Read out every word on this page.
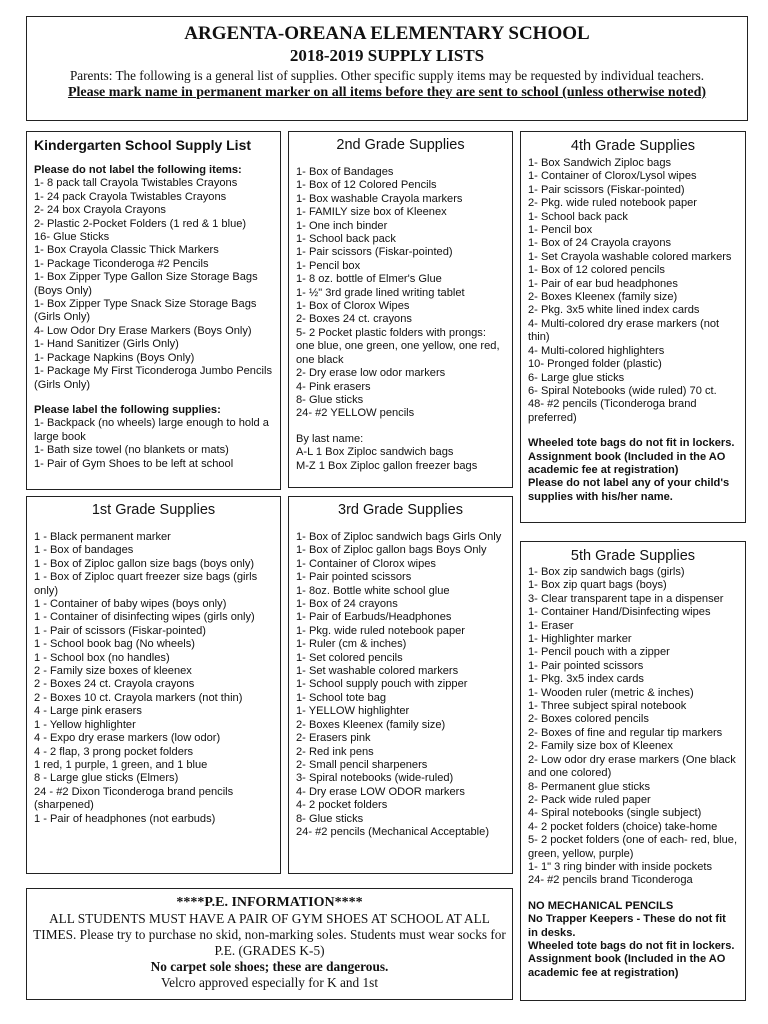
ARGENTA-OREANA ELEMENTARY SCHOOL
2018-2019 SUPPLY LISTS
Parents: The following is a general list of supplies. Other specific supply items may be requested by individual teachers.
Please mark name in permanent marker on all items before they are sent to school (unless otherwise noted)
Kindergarten School Supply List
Please do not label the following items:
1- 8 pack tall Crayola Twistables Crayons
1- 24 pack Crayola Twistables Crayons
2- 24 box Crayola Crayons
2- Plastic 2-Pocket Folders (1 red & 1 blue)
16- Glue Sticks
1- Box Crayola Classic Thick Markers
1- Package Ticonderoga #2 Pencils
1- Box Zipper Type Gallon Size Storage Bags (Boys Only)
1- Box Zipper Type Snack Size Storage Bags (Girls Only)
4- Low Odor Dry Erase Markers (Boys Only)
1- Hand Sanitizer (Girls Only)
1- Package Napkins (Boys Only)
1- Package My First Ticonderoga Jumbo Pencils (Girls Only)
Please label the following supplies:
1- Backpack (no wheels) large enough to hold a large book
1- Bath size towel (no blankets or mats)
1- Pair of Gym Shoes to be left at school
1st Grade Supplies
1 - Black permanent marker
1 - Box of bandages
1 - Box of Ziploc gallon size bags (boys only)
1 - Box of Ziploc quart freezer size bags (girls only)
1 - Container of baby wipes (boys only)
1 - Container of disinfecting wipes (girls only)
1 - Pair of scissors (Fiskar-pointed)
1 - School book bag (No wheels)
1 - School box (no handles)
2 - Family size boxes of kleenex
2 - Boxes 24 ct. Crayola crayons
2 - Boxes 10 ct. Crayola markers (not thin)
4 - Large pink erasers
1 - Yellow highlighter
4 - Expo dry erase markers (low odor)
4 - 2 flap, 3 prong pocket folders
1 red, 1 purple, 1 green, and 1 blue
8 - Large glue sticks (Elmers)
24 - #2 Dixon Ticonderoga brand pencils (sharpened)
1 - Pair of headphones (not earbuds)
2nd Grade Supplies
1- Box of Bandages
1- Box of 12 Colored Pencils
1- Box washable Crayola markers
1- FAMILY size box of Kleenex
1- One inch binder
1- School back pack
1- Pair scissors (Fiskar-pointed)
1- Pencil box
1- 8 oz. bottle of Elmer's Glue
1- ½" 3rd grade lined writing tablet
1- Box of Clorox Wipes
2- Boxes 24 ct. crayons
5- 2 Pocket plastic folders with prongs: one blue, one green, one yellow, one red, one black
2- Dry erase low odor markers
4- Pink erasers
8- Glue sticks
24- #2 YELLOW pencils
By last name:
A-L 1 Box Ziploc sandwich bags
M-Z 1 Box Ziploc gallon freezer bags
3rd Grade Supplies
1- Box of Ziploc sandwich bags Girls Only
1- Box of Ziploc gallon bags Boys Only
1- Container of Clorox wipes
1- Pair pointed scissors
1- 8oz. Bottle white school glue
1- Box of 24 crayons
1- Pair of Earbuds/Headphones
1- Pkg. wide ruled notebook paper
1- Ruler (cm & inches)
1- Set colored pencils
1- Set washable colored markers
1- School supply pouch with zipper
1- School tote bag
1- YELLOW highlighter
2- Boxes Kleenex (family size)
2- Erasers pink
2- Red ink pens
2- Small pencil sharpeners
3- Spiral notebooks (wide-ruled)
4- Dry erase LOW ODOR markers
4- 2 pocket folders
8- Glue sticks
24- #2 pencils (Mechanical Acceptable)
4th Grade Supplies
1- Box Sandwich Ziploc bags
1- Container of Clorox/Lysol wipes
1- Pair scissors (Fiskar-pointed)
2- Pkg. wide ruled notebook paper
1- School back pack
1- Pencil box
1- Box of 24 Crayola crayons
1- Set Crayola washable colored markers
1- Box of 12 colored pencils
1- Pair of ear bud headphones
2- Boxes Kleenex (family size)
2- Pkg. 3x5 white lined index cards
4- Multi-colored dry erase markers (not thin)
4- Multi-colored highlighters
10- Pronged folder (plastic)
6- Large glue sticks
6- Spiral Notebooks (wide ruled) 70 ct.
48- #2 pencils (Ticonderoga brand preferred)
Wheeled tote bags do not fit in lockers.
Assignment book (Included in the AO academic fee at registration)
Please do not label any of your child's supplies with his/her name.
5th Grade Supplies
1- Box zip sandwich bags (girls)
1- Box zip quart bags (boys)
3- Clear transparent tape in a dispenser
1- Container Hand/Disinfecting wipes
1- Eraser
1- Highlighter marker
1- Pencil pouch with a zipper
1- Pair pointed scissors
1- Pkg. 3x5 index cards
1- Wooden ruler (metric & inches)
1- Three subject spiral notebook
2- Boxes colored pencils
2- Boxes of fine and regular tip markers
2- Family size box of Kleenex
2- Low odor dry erase markers (One black and one colored)
8- Permanent glue sticks
2- Pack wide ruled paper
4- Spiral notebooks (single subject)
4- 2 pocket folders (choice) take-home
5- 2 pocket folders (one of each- red, blue, green, yellow, purple)
1- 1" 3 ring binder with inside pockets
24- #2 pencils brand Ticonderoga
NO MECHANICAL PENCILS
No Trapper Keepers - These do not fit in desks.
Wheeled tote bags do not fit in lockers.
Assignment book (Included in the AO academic fee at registration)
****P.E. INFORMATION****
ALL STUDENTS MUST HAVE A PAIR OF GYM SHOES AT SCHOOL AT ALL TIMES. Please try to purchase no skid, non-marking soles. Students must wear socks for P.E. (GRADES K-5)
No carpet sole shoes; these are dangerous.
Velcro approved especially for K and 1st
